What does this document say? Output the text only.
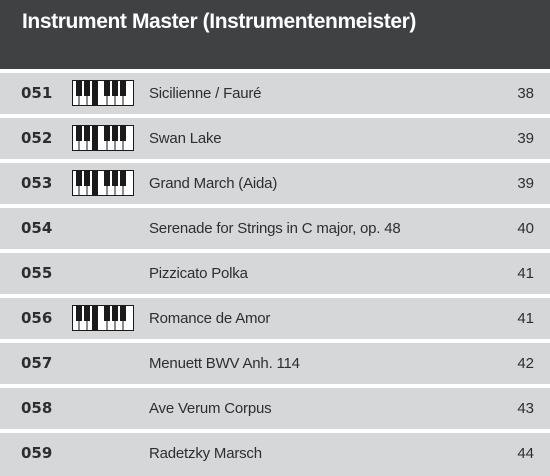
Instrument Master (Instrumentenmeister)
051	Sicilienne / Fauré	38
052	Swan Lake	39
053	Grand March (Aida)	39
054	Serenade for Strings in C major, op. 48	40
055	Pizzicato Polka	41
056	Romance de Amor	41
057	Menuett BWV Anh. 114	42
058	Ave Verum Corpus	43
059	Radetzky Marsch	44
